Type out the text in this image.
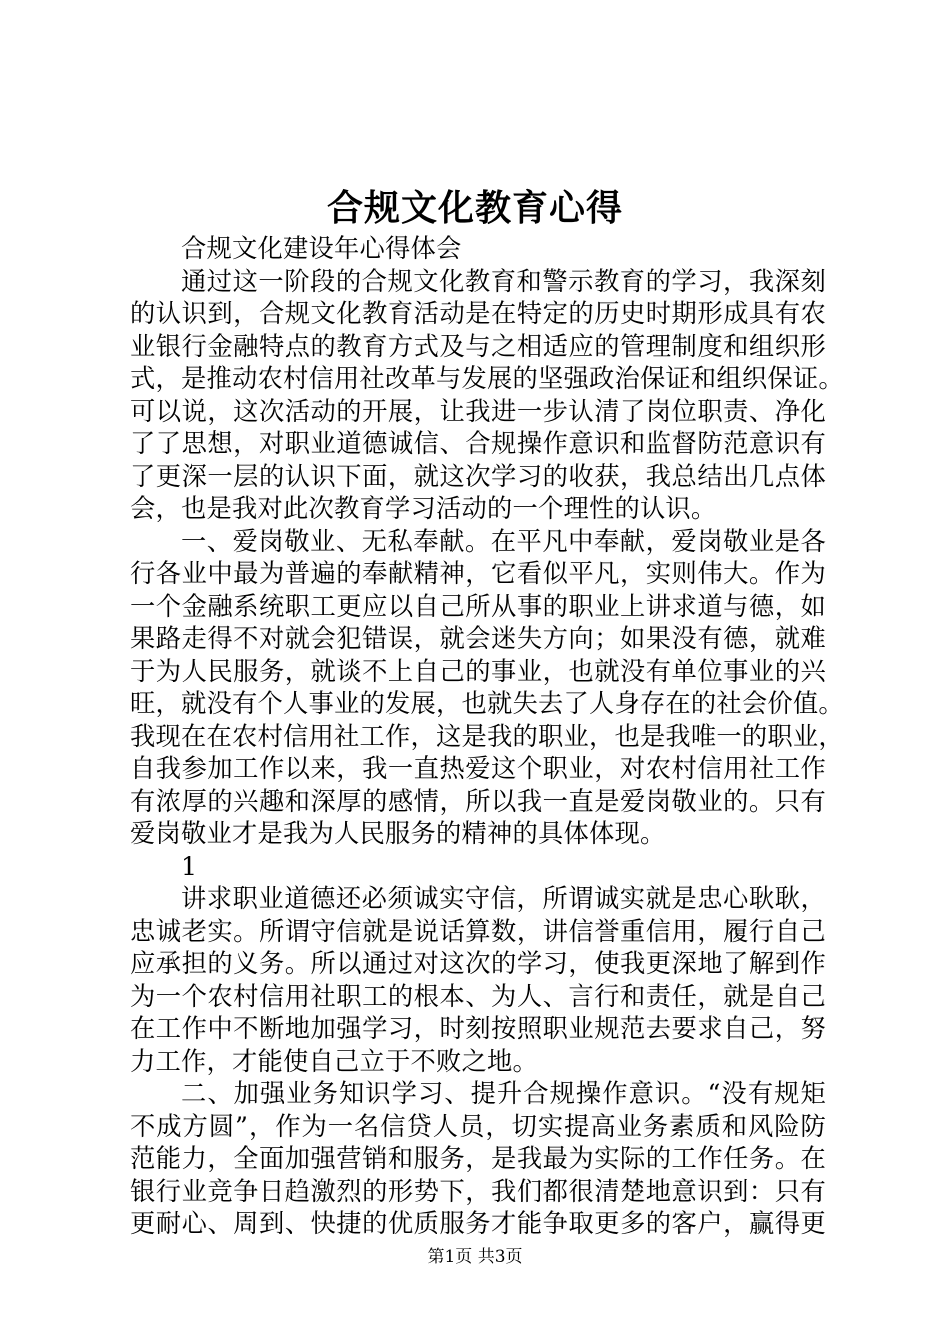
合规文化教育心得
合规文化建设年心得体会
通过这一阶段的合规文化教育和警示教育的学习，我深刻
的认识到，合规文化教育活动是在特定的历史时期形成具有农
业银行金融特点的教育方式及与之相适应的管理制度和组织形
式，是推动农村信用社改革与发展的坚强政治保证和组织保证。
可以说，这次活动的开展，让我进一步认清了岗位职责、净化
了了思想，对职业道德诚信、合规操作意识和监督防范意识有
了更深一层的认识下面，就这次学习的收获，我总结出几点体
会，也是我对此次教育学习活动的一个理性的认识。
一、爱岗敬业、无私奉献。在平凡中奉献，爱岗敬业是各
行各业中最为普遍的奉献精神，它看似平凡，实则伟大。作为
一个金融系统职工更应以自己所从事的职业上讲求道与德，如
果路走得不对就会犯错误，就会迷失方向；如果没有德，就难
于为人民服务，就谈不上自己的事业，也就没有单位事业的兴
旺，就没有个人事业的发展，也就失去了人身存在的社会价值。
我现在在农村信用社工作，这是我的职业，也是我唯一的职业，
自我参加工作以来，我一直热爱这个职业，对农村信用社工作
有浓厚的兴趣和深厚的感情，所以我一直是爱岗敬业的。只有
爱岗敬业才是我为人民服务的精神的具体体现。
1
讲求职业道德还必须诚实守信，所谓诚实就是忠心耿耿，
忠诚老实。所谓守信就是说话算数，讲信誉重信用，履行自己
应承担的义务。所以通过对这次的学习，使我更深地了解到作
为一个农村信用社职工的根本、为人、言行和责任，就是自己
在工作中不断地加强学习，时刻按照职业规范去要求自己，努
力工作，才能使自己立于不败之地。
二、加强业务知识学习、提升合规操作意识。“没有规矩
不成方圆”，作为一名信贷人员，切实提高业务素质和风险防
范能力，全面加强营销和服务，是我最为实际的工作任务。在
银行业竞争日趋激烈的形势下，我们都很清楚地意识到：只有
更耐心、周到、快捷的优质服务才能争取更多的客户，赢得更
第1页 共3页
